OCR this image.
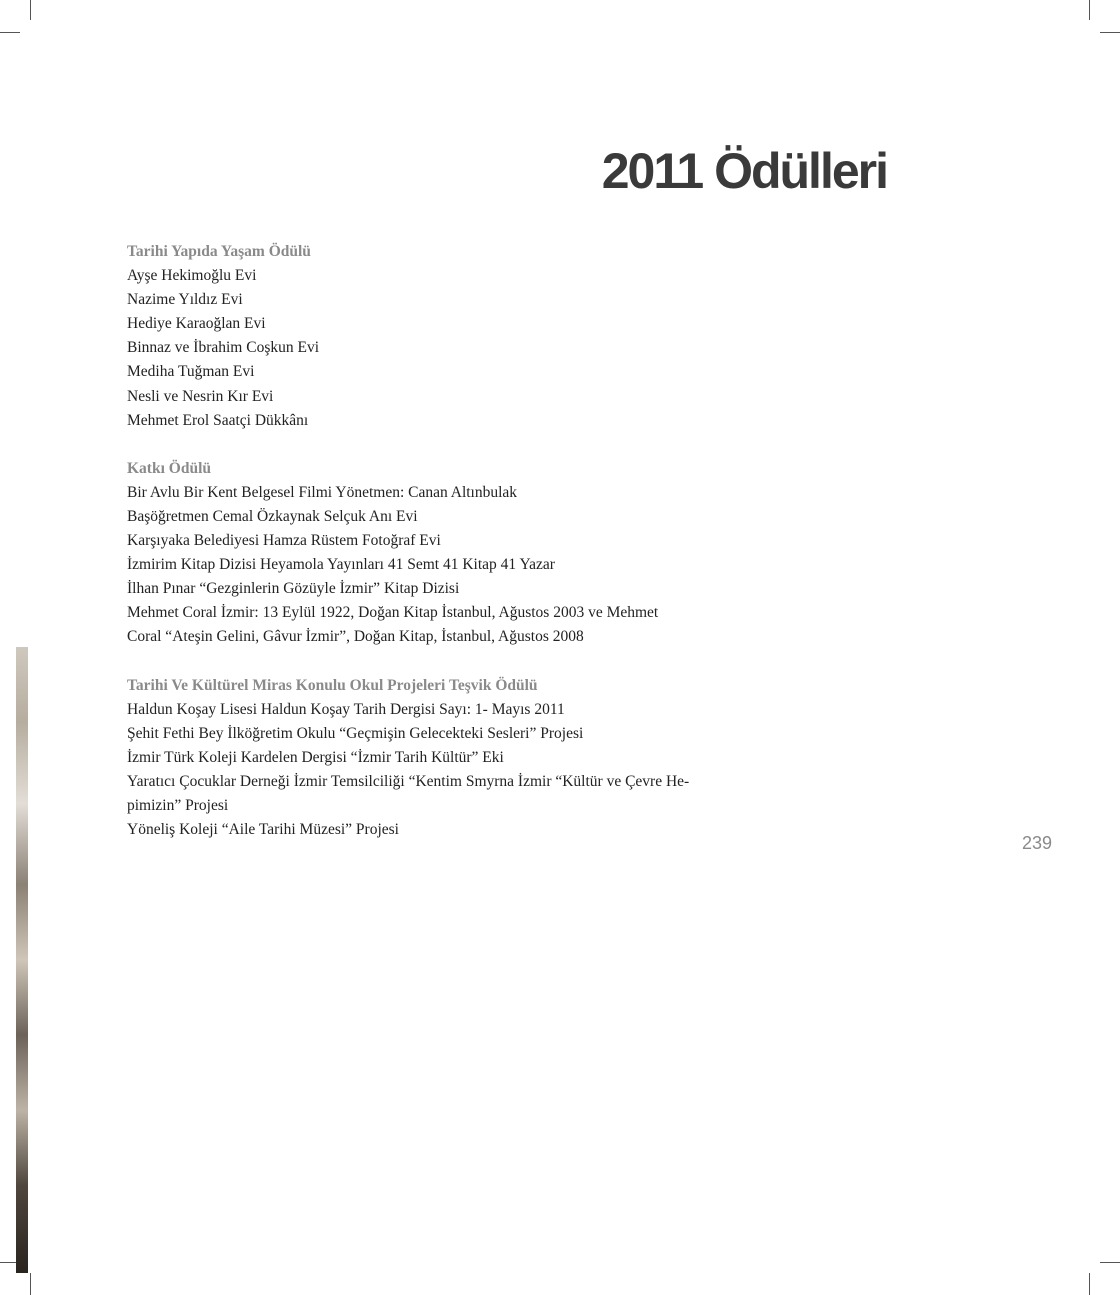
2011 Ödülleri
Tarihi Yapıda Yaşam Ödülü
Ayşe Hekimoğlu Evi
Nazime Yıldız Evi
Hediye Karaoğlan Evi
Binnaz ve İbrahim Coşkun Evi
Mediha Tuğman Evi
Nesli ve Nesrin Kır Evi
Mehmet Erol Saatçi Dükkânı
Katkı Ödülü
Bir Avlu Bir Kent Belgesel Filmi Yönetmen: Canan Altınbulak
Başöğretmen Cemal Özkaynak Selçuk Anı Evi
Karşıyaka Belediyesi Hamza Rüstem Fotoğraf Evi
İzmirim Kitap Dizisi Heyamola Yayınları 41 Semt 41 Kitap 41 Yazar
İlhan Pınar “Gezginlerin Gözüyle İzmir” Kitap Dizisi
Mehmet Coral İzmir: 13 Eylül 1922, Doğan Kitap İstanbul, Ağustos 2003 ve Mehmet
Coral “Ateşin Gelini, Gâvur İzmir”, Doğan Kitap, İstanbul, Ağustos 2008
Tarihi Ve Kültürel Miras Konulu Okul Projeleri Teşvik Ödülü
Haldun Koşay Lisesi Haldun Koşay Tarih Dergisi Sayı: 1- Mayıs 2011
Şehit Fethi Bey İlköğretim Okulu “Geçmişin Gelecekteki Sesleri” Projesi
İzmir Türk Koleji Kardelen Dergisi “İzmir Tarih Kültür” Eki
Yaratıcı Çocuklar Derneği İzmir Temsilciliği “Kentim Smyrna İzmir “Kültür ve Çevre He-
pimizin” Projesi
Yöneliş Koleji “Aile Tarihi Müzesi” Projesi
239
